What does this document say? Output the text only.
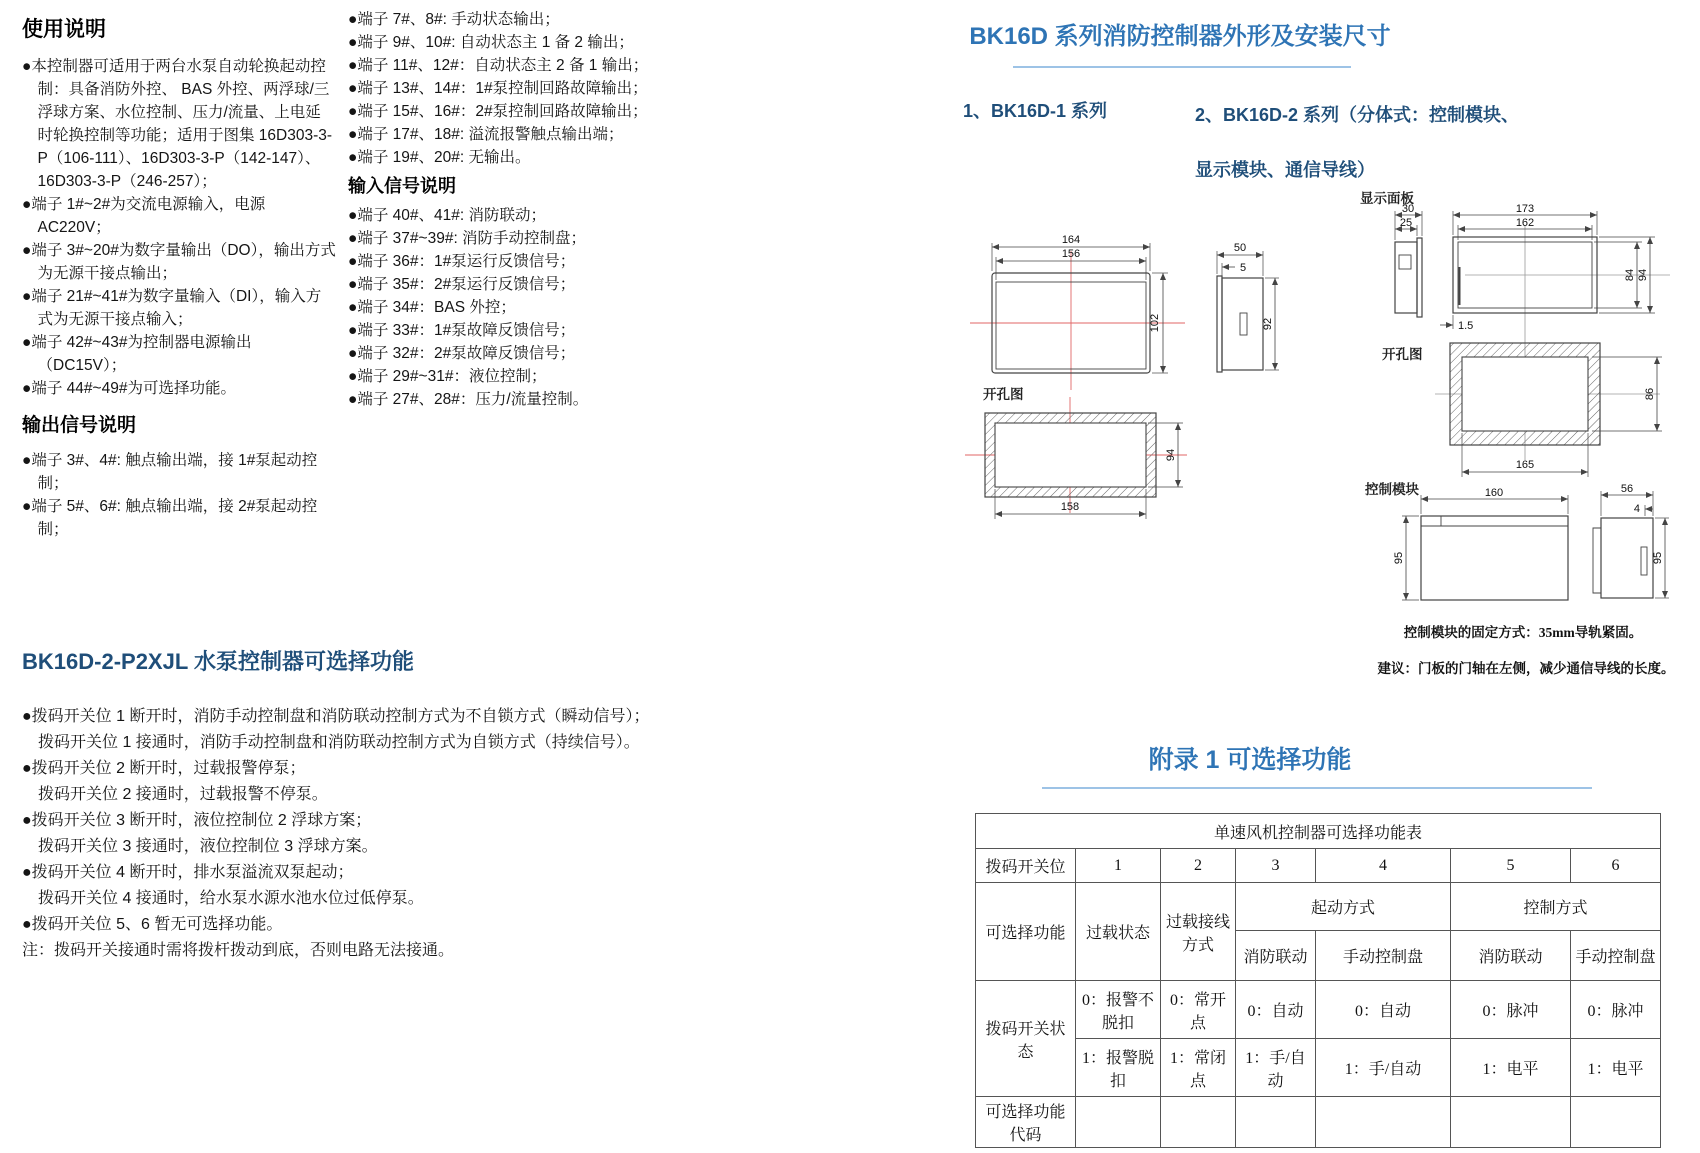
使用说明
●本控制器可适用于两台水泵自动轮换起动控制：具备消防外控、 BAS 外控、两浮球/三浮球方案、水位控制、压力/流量、上电延时轮换控制等功能；适用于图集 16D303-3-P（106-111）、16D303-3-P（142-147）、16D303-3-P（246-257）；
●端子 1#~2#为交流电源输入，电源 AC220V；
●端子 3#~20#为数字量输出（DO），输出方式为无源干接点输出；
●端子 21#~41#为数字量输入（DI），输入方式为无源干接点输入；
●端子 42#~43#为控制器电源输出（DC15V）；
●端子 44#~49#为可选择功能。
输出信号说明
●端子 3#、4#: 触点输出端，接 1#泵起动控制；
●端子 5#、6#: 触点输出端，接 2#泵起动控制；
●端子 7#、8#: 手动状态输出；
●端子 9#、10#: 自动状态主 1 备 2 输出；
●端子 11#、12#：自动状态主 2 备 1 输出；
●端子 13#、14#：1#泵控制回路故障输出；
●端子 15#、16#：2#泵控制回路故障输出；
●端子 17#、18#: 溢流报警触点输出端；
●端子 19#、20#: 无输出。
输入信号说明
●端子 40#、41#: 消防联动；
●端子 37#~39#: 消防手动控制盘；
●端子 36#：1#泵运行反馈信号；
●端子 35#：2#泵运行反馈信号；
●端子 34#：BAS 外控；
●端子 33#：1#泵故障反馈信号；
●端子 32#：2#泵故障反馈信号；
●端子 29#~31#：液位控制；
●端子 27#、28#：压力/流量控制。
BK16D-2-P2XJL 水泵控制器可选择功能
●拨码开关位 1 断开时，消防手动控制盘和消防联动控制方式为不自锁方式（瞬动信号）；
拨码开关位 1 接通时，消防手动控制盘和消防联动控制方式为自锁方式（持续信号）。
●拨码开关位 2 断开时，过载报警停泵；
拨码开关位 2 接通时，过载报警不停泵。
●拨码开关位 3 断开时，液位控制位 2 浮球方案；
拨码开关位 3 接通时，液位控制位 3 浮球方案。
●拨码开关位 4 断开时，排水泵溢流双泵起动；
拨码开关位 4 接通时，给水泵水源水池水位过低停泵。
●拨码开关位 5、6 暂无可选择功能。
注：拨码开关接通时需将拨杆拨动到底，否则电路无法接通。
BK16D 系列消防控制器外形及安装尺寸
1、BK16D-1 系列	2、BK16D-2 系列（分体式：控制模块、显示模块、通信导线）
164
156
102
50
5
92
开孔图
94
158
显示面板
30
25
173
162
84 94
1.5
开孔图
86
165
控制模块	160
95
56
4
95
控制模块的固定方式：35mm导轨紧固。
建议：门板的门轴在左侧，减少通信导线的长度。
附录 1 可选择功能
单速风机控制器可选择功能表						
拨码开关位	1	2	3	4	5	6
可选择功能	过载状态	过载接线方式	起动方式		控制方式	
			消防联动	手动控制盘	消防联动	手动控制盘
拨码开关状态	0：报警不脱扣	0：常开点	0：自动	0：自动	0：脉冲	0：脉冲
	1：报警脱扣	1：常闭点	1：手/自动	1：手/自动	1：电平	1：电平
可选择功能代码						
